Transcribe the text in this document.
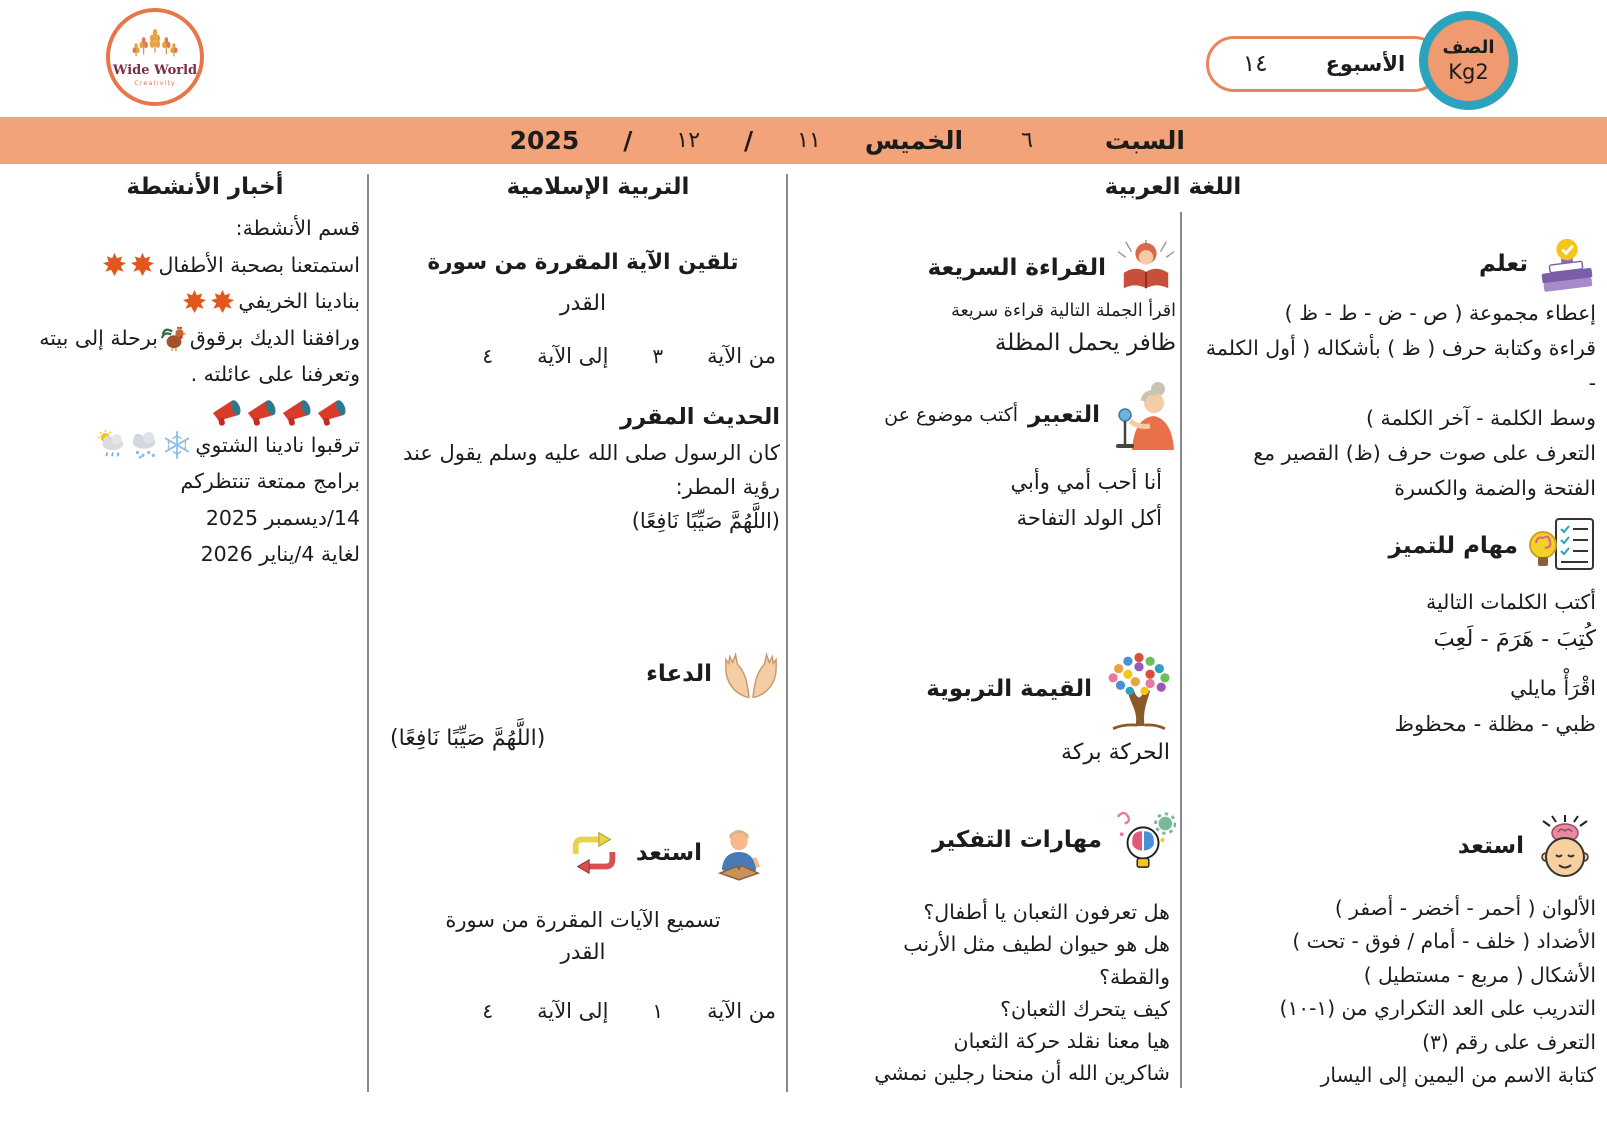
Wide World
Creativity
الأسبوع
١٤
الصف
Kg2
السبت
٦
الخميس
١١
/
١٢
/
2025
اللغة العربية
التربية الإسلامية
أخبار الأنشطة
تعلم
إعطاء مجموعة ( ص - ض - ط - ظ )
قراءة وكتابة حرف ( ظ ) بأشكاله ( أول الكلمة -
وسط الكلمة - آخر الكلمة )
التعرف على صوت حرف (ظ) القصير مع
الفتحة والضمة والكسرة
مهام للتميز
أكتب الكلمات التالية
كُتِبَ - هَرَمَ - لَعِبَ
اقْرَأْ مايلي
ظبي - مظلة - محظوظ
استعد
الألوان ( أحمر - أخضر - أصفر )
الأضداد ( خلف - أمام / فوق - تحت )
الأشكال ( مربع - مستطيل )
التدريب على العد التكراري من (١-١٠)
التعرف على رقم (٣)
كتابة الاسم من اليمين إلى اليسار
القراءة السريعة
اقرأ الجملة التالية قراءة سريعة
ظافر يحمل المظلة
التعبير
أكتب موضوع عن
أنا أحب أمي وأبي
أكل الولد التفاحة
القيمة التربوية
الحركة بركة
مهارات التفكير
هل تعرفون الثعبان يا أطفال؟
هل هو حيوان لطيف مثل الأرنب
والقطة؟
كيف يتحرك الثعبان؟
هيا معنا نقلد حركة الثعبان
شاكرين الله أن منحنا رجلين نمشي
تلقين الآية المقررة من سورة
القدر
من الآية
٣
إلى الآية
٤
الحديث المقرر
كان الرسول صلى الله عليه وسلم يقول عند
رؤية المطر:
(اللَّهُمَّ صَيِّبًا نَافِعًا)
الدعاء
(اللَّهُمَّ صَيِّبًا نَافِعًا)
استعد
تسميع الآيات المقررة من سورة
القدر
من الآية
١
إلى الآية
٤
قسم الأنشطة:
استمتعنا بصحبة الأطفال
بنادينا الخريفي
ورافقنا الديك برقوق
برحلة إلى بيته
وتعرفنا على عائلته .
ترقبوا نادينا الشتوي
برامج ممتعة تنتظركم
14/ديسمبر 2025
لغاية 4/يناير 2026
